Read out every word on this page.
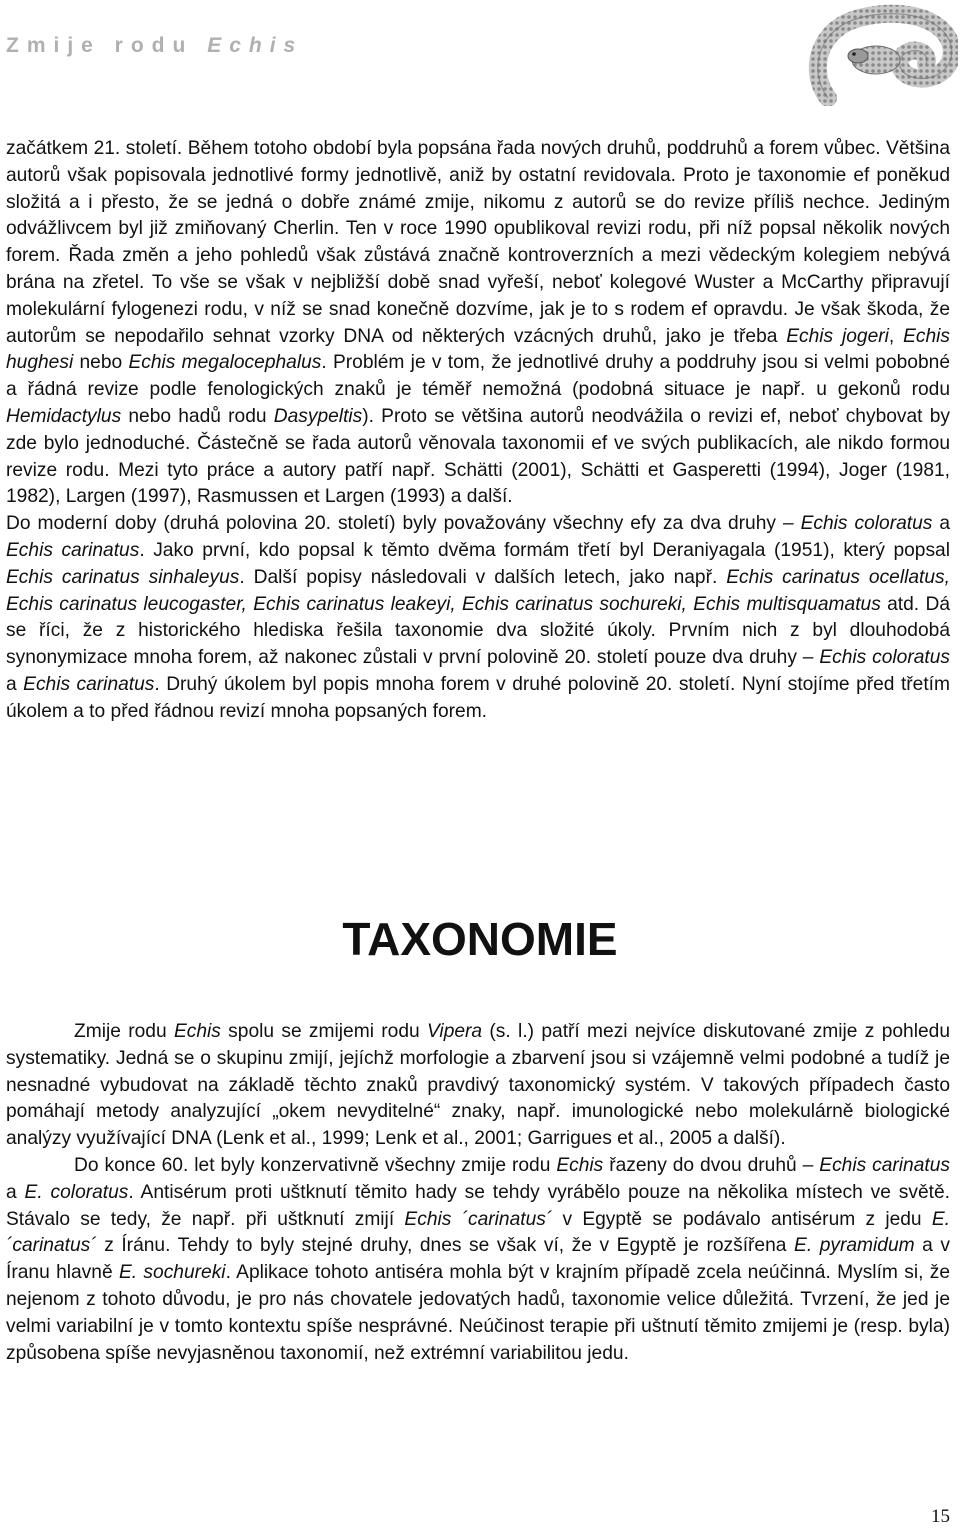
Zmije rodu Echis

začátkem 21. století. Během totoho období byla popsána řada nových druhů, poddruhů a forem vůbec. Většina autorů však popisovala jednotlivé formy jednotlivě, aniž by ostatní revidovala. Proto je taxonomie ef poněkud složitá a i přesto, že se jedná o dobře známé zmije, nikomu z autorů se do revize příliš nechce. Jediným odvážlivcem byl již zmiňovaný Cherlin. Ten v roce 1990 opublikoval revizi rodu, při níž popsal několik nových forem. Řada změn a jeho pohledů však zůstává značně kontroverzních a mezi vědeckým kolegiem nebývá brána na zřetel. To vše se však v nejbližší době snad vyřeší, neboť kolegové Wuster a McCarthy připravují molekulární fylogenezi rodu, v níž se snad konečně dozvíme, jak je to s rodem ef opravdu. Je však škoda, že autorům se nepodařilo sehnat vzorky DNA od některých vzácných druhů, jako je třeba Echis jogeri, Echis hughesi nebo Echis megalocephalus. Problém je v tom, že jednotlivé druhy a poddruhy jsou si velmi pobobné a řádná revize podle fenologických znaků je téměř nemožná (podobná situace je např. u gekonů rodu Hemidactylus nebo hadů rodu Dasypeltis). Proto se většina autorů neodvážila o revizi ef, neboť chybovat by zde bylo jednoduché. Částečně se řada autorů věnovala taxonomii ef ve svých publikacích, ale nikdo formou revize rodu. Mezi tyto práce a autory patří např. Schätti (2001), Schätti et Gasperetti (1994), Joger (1981, 1982), Largen (1997), Rasmussen et Largen (1993) a další.

Do moderní doby (druhá polovina 20. století) byly považovány všechny efy za dva druhy – Echis coloratus a Echis carinatus. Jako první, kdo popsal k těmto dvěma formám třetí byl Deraniyagala (1951), který popsal Echis carinatus sinhaleyus. Další popisy následovali v dalších letech, jako např. Echis carinatus ocellatus, Echis carinatus leucogaster, Echis carinatus leakeyi, Echis carinatus sochureki, Echis multisquamatus atd. Dá se říci, že z historického hlediska řešila taxonomie dva složité úkoly. Prvním nich z byl dlouhodobá synonymizace mnoha forem, až nakonec zůstali v první polovině 20. století pouze dva druhy – Echis coloratus a Echis carinatus. Druhý úkolem byl popis mnoha forem v druhé polovině 20. století. Nyní stojíme před třetím úkolem a to před řádnou revizí mnoha popsaných forem.

TAXONOMIE

Zmije rodu Echis spolu se zmijemi rodu Vipera (s. l.) patří mezi nejvíce diskutované zmije z pohledu systematiky. Jedná se o skupinu zmijí, jejíchž morfologie a zbarvení jsou si vzájemně velmi podobné a tudíž je nesnadné vybudovat na základě těchto znaků pravdivý taxonomický systém. V takových případech často pomáhají metody analyzující „okem nevyditelné“ znaky, např. imunologické nebo molekulárně biologické analýzy využívající DNA (Lenk et al., 1999; Lenk et al., 2001; Garrigues et al., 2005 a další).

Do konce 60. let byly konzervativně všechny zmije rodu Echis řazeny do dvou druhů – Echis carinatus a E. coloratus. Antisérum proti uštknutí těmito hady se tehdy vyrábělo pouze na několika místech ve světě. Stávalo se tedy, že např. při uštknutí zmijí Echis ´carinatus´ v Egyptě se podávalo antisérum z jedu E. ´carinatus´ z Íránu. Tehdy to byly stejné druhy, dnes se však ví, že v Egyptě je rozšířena E. pyramidum a v Íranu hlavně E. sochureki. Aplikace tohoto antiséra mohla být v krajním případě zcela neúčinná. Myslím si, že nejenom z tohoto důvodu, je pro nás chovatele jedovatých hadů, taxonomie velice důležitá. Tvrzení, že jed je velmi variabilní je v tomto kontextu spíše nesprávné. Neúčinost terapie při uštnutí těmito zmijemi je (resp. byla) způsobena spíše nevyjasněnou taxonomií, než extrémní variabilitou jedu.

15
